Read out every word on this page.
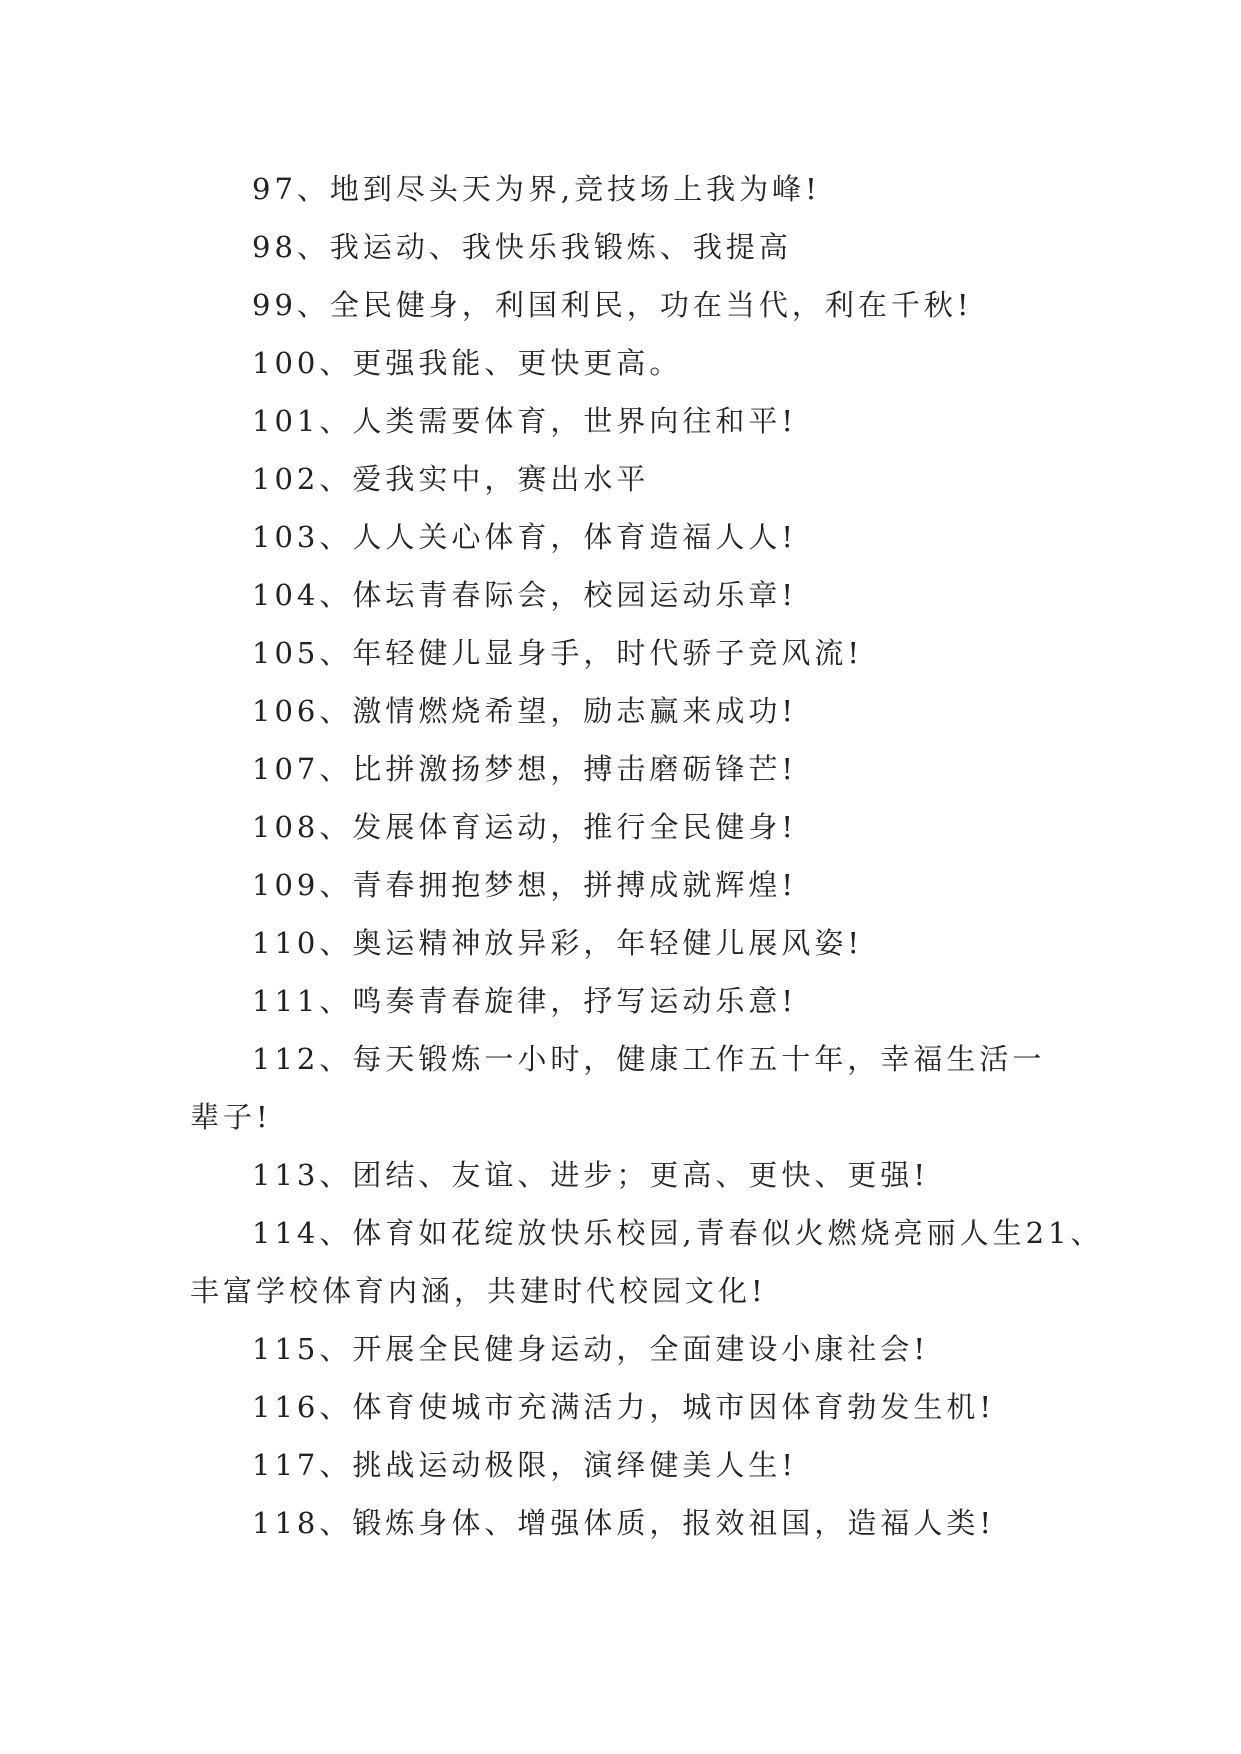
97、地到尽头天为界,竞技场上我为峰!
98、我运动、我快乐我锻炼、我提高
99、全民健身，利国利民，功在当代，利在千秋!
100、更强我能、更快更高。
101、人类需要体育，世界向往和平!
102、爱我实中，赛出水平
103、人人关心体育，体育造福人人!
104、体坛青春际会，校园运动乐章!
105、年轻健儿显身手，时代骄子竞风流!
106、激情燃烧希望，励志赢来成功!
107、比拼激扬梦想，搏击磨砺锋芒!
108、发展体育运动，推行全民健身!
109、青春拥抱梦想，拼搏成就辉煌!
110、奥运精神放异彩，年轻健儿展风姿!
111、鸣奏青春旋律，抒写运动乐意!
112、每天锻炼一小时，健康工作五十年，幸福生活一
辈子!
113、团结、友谊、进步；更高、更快、更强!
114、体育如花绽放快乐校园,青春似火燃烧亮丽人生21、
丰富学校体育内涵，共建时代校园文化!
115、开展全民健身运动，全面建设小康社会!
116、体育使城市充满活力，城市因体育勃发生机!
117、挑战运动极限，演绎健美人生!
118、锻炼身体、增强体质，报效祖国，造福人类!
